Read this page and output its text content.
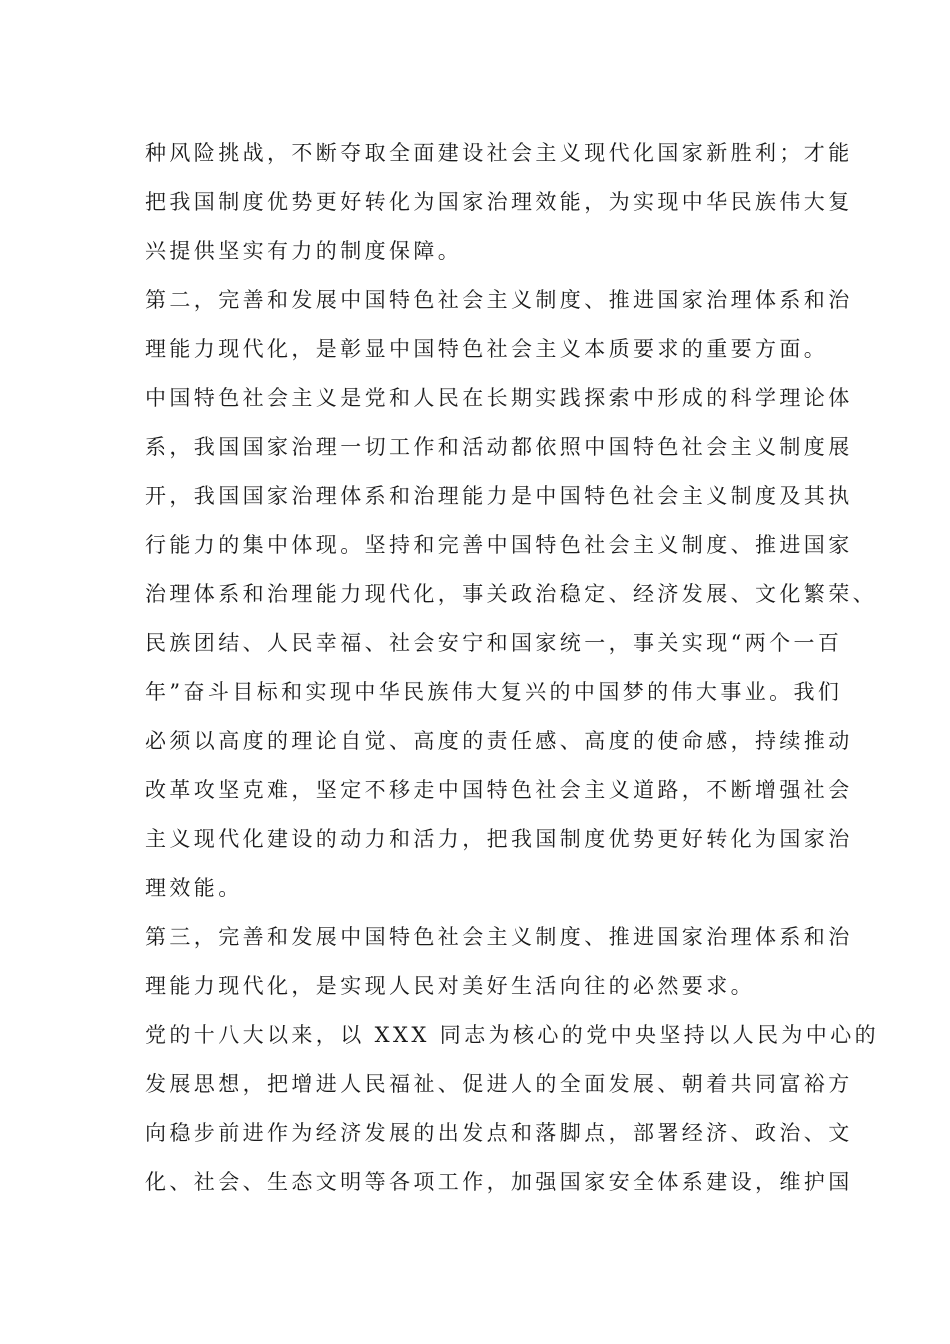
种风险挑战，不断夺取全面建设社会主义现代化国家新胜利；才能
把我国制度优势更好转化为国家治理效能，为实现中华民族伟大复
兴提供坚实有力的制度保障。
第二，完善和发展中国特色社会主义制度、推进国家治理体系和治
理能力现代化，是彰显中国特色社会主义本质要求的重要方面。
中国特色社会主义是党和人民在长期实践探索中形成的科学理论体
系，我国国家治理一切工作和活动都依照中国特色社会主义制度展
开，我国国家治理体系和治理能力是中国特色社会主义制度及其执
行能力的集中体现。坚持和完善中国特色社会主义制度、推进国家
治理体系和治理能力现代化，事关政治稳定、经济发展、文化繁荣、
民族团结、人民幸福、社会安宁和国家统一，事关实现“两个一百
年”奋斗目标和实现中华民族伟大复兴的中国梦的伟大事业。我们
必须以高度的理论自觉、高度的责任感、高度的使命感，持续推动
改革攻坚克难，坚定不移走中国特色社会主义道路，不断增强社会
主义现代化建设的动力和活力，把我国制度优势更好转化为国家治
理效能。
第三，完善和发展中国特色社会主义制度、推进国家治理体系和治
理能力现代化，是实现人民对美好生活向往的必然要求。
党的十八大以来，以 XXX 同志为核心的党中央坚持以人民为中心的
发展思想，把增进人民福祉、促进人的全面发展、朝着共同富裕方
向稳步前进作为经济发展的出发点和落脚点，部署经济、政治、文
化、社会、生态文明等各项工作，加强国家安全体系建设，维护国
